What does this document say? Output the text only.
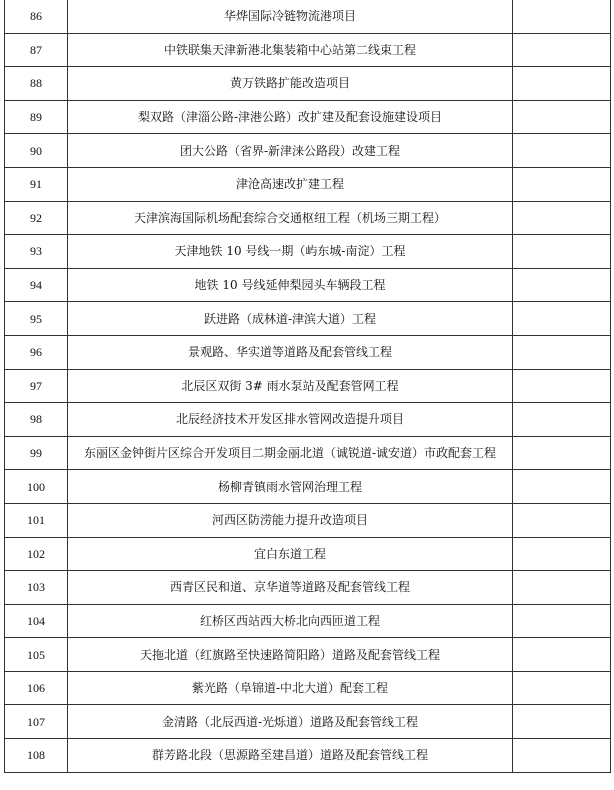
86	华烨国际冷链物流港项目	
87	中铁联集天津新港北集装箱中心站第二线束工程	
88	黄万铁路扩能改造项目	
89	梨双路（津淄公路-津港公路）改扩建及配套设施建设项目	
90	团大公路（省界-新津涞公路段）改建工程	
91	津沧高速改扩建工程	
92	天津滨海国际机场配套综合交通枢纽工程（机场三期工程）	
93	天津地铁 10 号线一期（屿东城-南淀）工程	
94	地铁 10 号线延伸梨园头车辆段工程	
95	跃进路（成林道-津滨大道）工程	
96	景观路、华实道等道路及配套管线工程	
97	北辰区双街 3# 雨水泵站及配套管网工程	
98	北辰经济技术开发区排水管网改造提升项目	
99	东丽区金钟街片区综合开发项目二期金丽北道（诚锐道-诚安道）市政配套工程	
100	杨柳青镇雨水管网治理工程	
101	河西区防涝能力提升改造项目	
102	宜白东道工程	
103	西青区民和道、京华道等道路及配套管线工程	
104	红桥区西站西大桥北向西匝道工程	
105	天拖北道（红旗路至快速路简阳路）道路及配套管线工程	
106	紫光路（阜锦道-中北大道）配套工程	
107	金清路（北辰西道-光烁道）道路及配套管线工程	
108	群芳路北段（思源路至建昌道）道路及配套管线工程	
